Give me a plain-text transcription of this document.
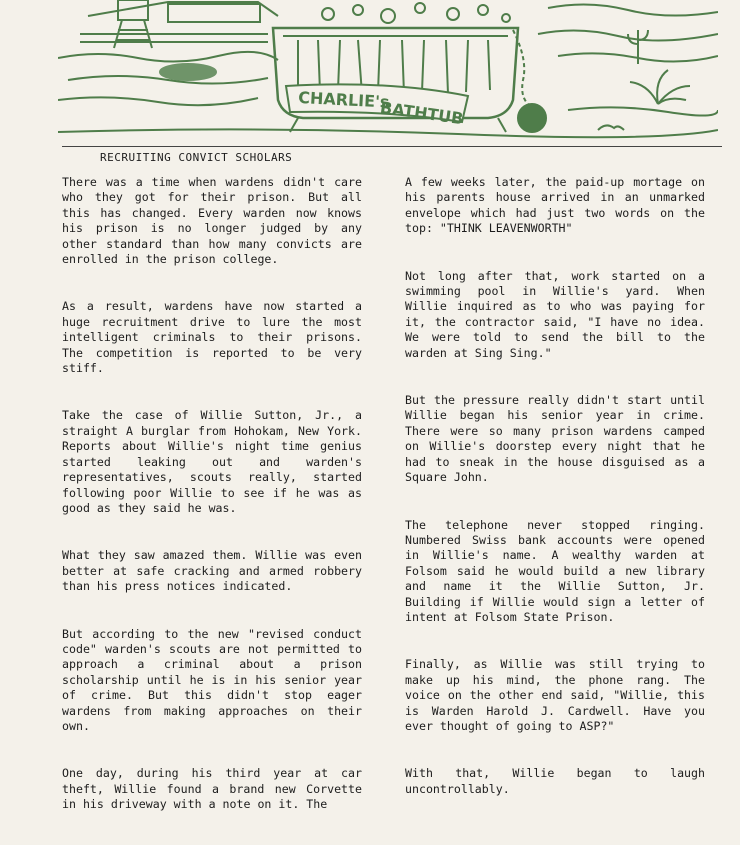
CHARLIE's
BATHTUB
RECRUITING CONVICT SCHOLARS

There was a time when wardens didn't care who they got for their prison. But all this has changed. Every warden now knows his prison is no longer judged by any other standard than how many convicts are enrolled in the prison college.

As a result, wardens have now started a huge recruitment drive to lure the most intelligent criminals to their prisons. The competition is reported to be very stiff.

Take the case of Willie Sutton, Jr., a straight A burglar from Hohokam, New York. Reports about Willie's night time genius started leaking out and warden's representatives, scouts really, started following poor Willie to see if he was as good as they said he was.

What they saw amazed them. Willie was even better at safe cracking and armed robbery than his press notices indicated.

But according to the new "revised conduct code" warden's scouts are not permitted to approach a criminal about a prison scholarship until he is in his senior year of crime. But this didn't stop eager wardens from making approaches on their own.

One day, during his third year at car theft, Willie found a brand new Corvette in his driveway with a note on it. The

A few weeks later, the paid-up mortage on his parents house arrived in an unmarked envelope which had just two words on the top: "THINK LEAVENWORTH"

Not long after that, work started on a swimming pool in Willie's yard. When Willie inquired as to who was paying for it, the contractor said, "I have no idea. We were told to send the bill to the warden at Sing Sing."

But the pressure really didn't start until Willie began his senior year in crime. There were so many prison wardens camped on Willie's doorstep every night that he had to sneak in the house disguised as a Square John.

The telephone never stopped ringing. Numbered Swiss bank accounts were opened in Willie's name. A wealthy warden at Folsom said he would build a new library and name it the Willie Sutton, Jr. Building if Willie would sign a letter of intent at Folsom State Prison.

Finally, as Willie was still trying to make up his mind, the phone rang. The voice on the other end said, "Willie, this is Warden Harold J. Cardwell. Have you ever thought of going to ASP?"

With that, Willie began to laugh uncontrollably.
